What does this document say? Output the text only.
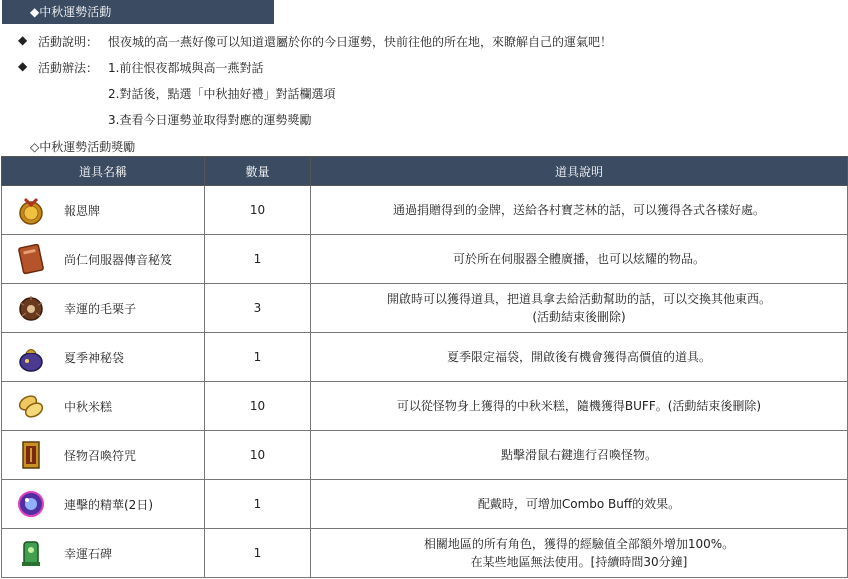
◆中秋運勢活動
◆ 活動說明： 恨夜城的高一燕好像可以知道還屬於你的今日運勢，快前往他的所在地，來瞭解自己的運氣吧！
◆ 活動辦法： 1.前往恨夜都城與高一燕對話
2.對話後，點選「中秋抽好禮」對話欄選項
3.查看今日運勢並取得對應的運勢獎勵
◇中秋運勢活動獎勵
道具名稱	數量	道具說明

報恩牌	10	通過捐贈得到的金牌，送給各村寶芝林的話，可以獲得各式各樣好處。

尚仁伺服器傳音秘笈	1	可於所在伺服器全體廣播，也可以炫耀的物品。

幸運的毛栗子	3	開啟時可以獲得道具，把道具拿去給活動幫助的話，可以交換其他東西。
(活動結束後刪除)

夏季神秘袋	1	夏季限定福袋，開啟後有機會獲得高價值的道具。

中秋米糕	10	可以從怪物身上獲得的中秋米糕，隨機獲得BUFF。(活動結束後刪除)

怪物召喚符咒	10	點擊滑鼠右鍵進行召喚怪物。

連擊的精華(2日)	1	配戴時，可增加Combo Buff的效果。

幸運石碑	1	相關地區的所有角色，獲得的經驗值全部額外增加100%。
在某些地區無法使用。[持續時間30分鐘]
